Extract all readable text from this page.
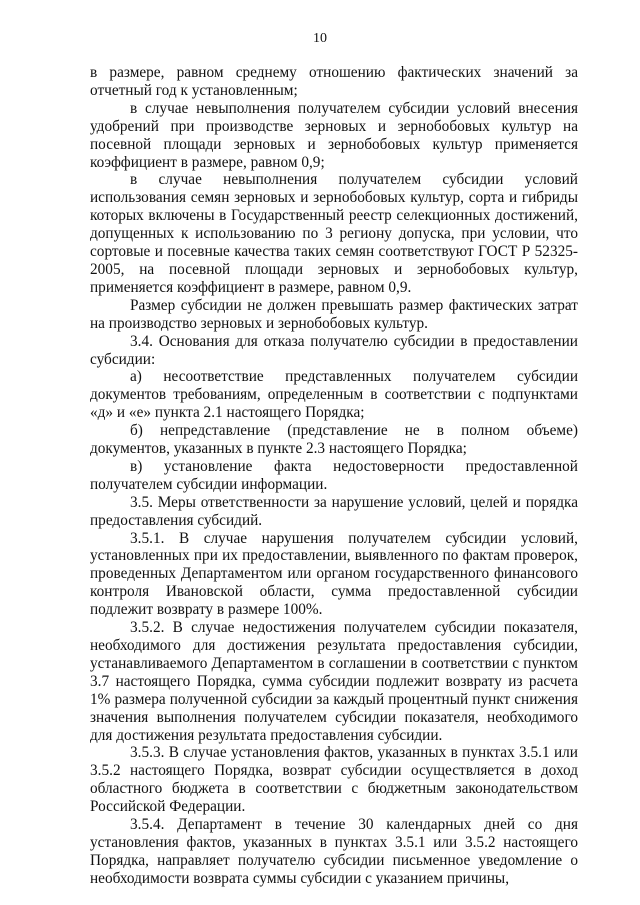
10

в размере, равном среднему отношению фактических значений за отчетный год к установленным;

в случае невыполнения получателем субсидии условий внесения удобрений при производстве зерновых и зернобобовых культур на посевной площади зерновых и зернобобовых культур применяется коэффициент в размере, равном 0,9;

в случае невыполнения получателем субсидии условий использования семян зерновых и зернобобовых культур, сорта и гибриды которых включены в Государственный реестр селекционных достижений, допущенных к использованию по 3 региону допуска, при условии, что сортовые и посевные качества таких семян соответствуют ГОСТ Р 52325-2005, на посевной площади зерновых и зернобобовых культур, применяется коэффициент в размере, равном 0,9.

Размер субсидии не должен превышать размер фактических затрат на производство зерновых и зернобобовых культур.

3.4. Основания для отказа получателю субсидии в предоставлении субсидии:

а) несоответствие представленных получателем субсидии документов требованиям, определенным в соответствии с подпунктами «д» и «е» пункта 2.1 настоящего Порядка;

б) непредставление (представление не в полном объеме) документов, указанных в пункте 2.3 настоящего Порядка;

в) установление факта недостоверности предоставленной получателем субсидии информации.

3.5. Меры ответственности за нарушение условий, целей и порядка предоставления субсидий.

3.5.1. В случае нарушения получателем субсидии условий, установленных при их предоставлении, выявленного по фактам проверок, проведенных Департаментом или органом государственного финансового контроля Ивановской области, сумма предоставленной субсидии подлежит возврату в размере 100%.

3.5.2. В случае недостижения получателем субсидии показателя, необходимого для достижения результата предоставления субсидии, устанавливаемого Департаментом в соглашении в соответствии с пунктом 3.7 настоящего Порядка, сумма субсидии подлежит возврату из расчета 1% размера полученной субсидии за каждый процентный пункт снижения значения выполнения получателем субсидии показателя, необходимого для достижения результата предоставления субсидии.

3.5.3. В случае установления фактов, указанных в пунктах 3.5.1 или 3.5.2 настоящего Порядка, возврат субсидии осуществляется в доход областного бюджета в соответствии с бюджетным законодательством Российской Федерации.

3.5.4. Департамент в течение 30 календарных дней со дня установления фактов, указанных в пунктах 3.5.1 или 3.5.2 настоящего Порядка, направляет получателю субсидии письменное уведомление о необходимости возврата суммы субсидии с указанием причины,
